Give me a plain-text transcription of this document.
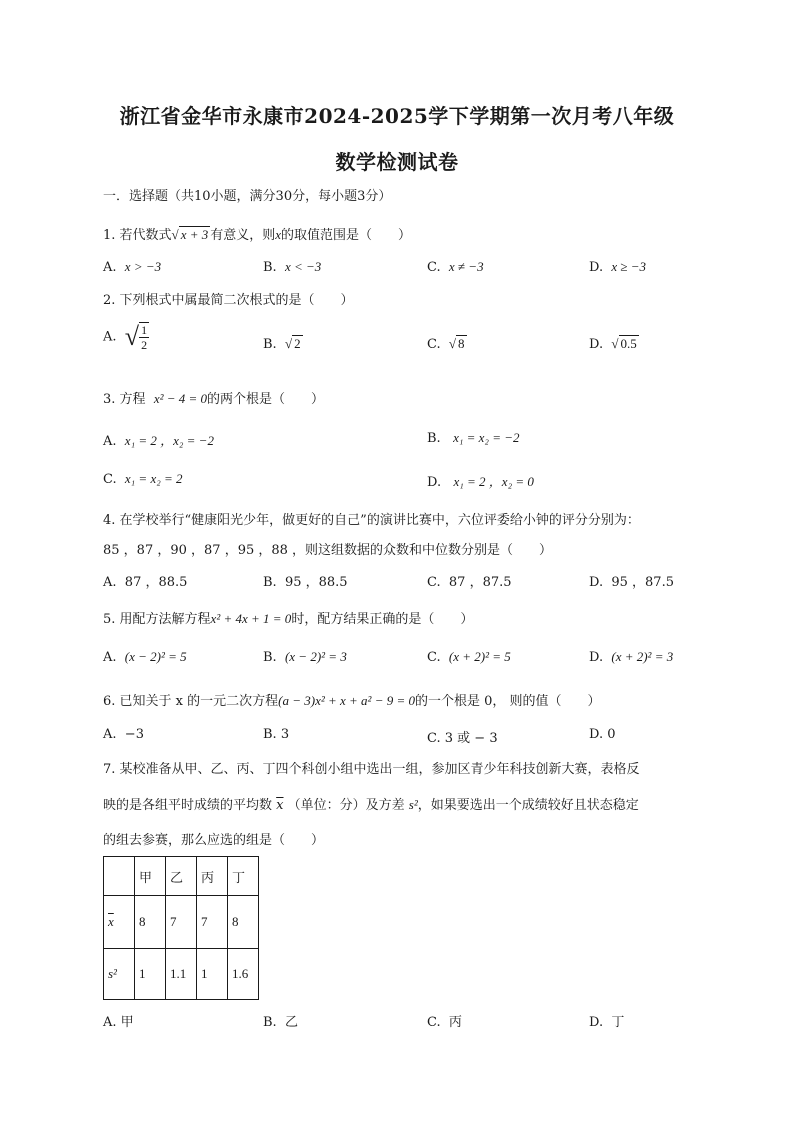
浙江省金华市永康市2024-2025学下学期第一次月考八年级
数学检测试卷
一．选择题（共10小题，满分30分，每小题3分）
1. 若代数式√ x + 3 有意义，则x的取值范围是（　　）
A. x > −3	B. x < −3	C. x ≠ −3	D. x ≥ −3
2. 下列根式中属最简二次根式的是（　　）
A. √ $\frac{1}{2}$	B. √ 2	C. √ 8	D. √ 0.5
3. 方程 x² − 4 = 0的两个根是（　　）
A. x₁ = 2 ，x₂ = −2	B. x₁ = x₂ = −2
C. x₁ = x₂ = 2	D. x₁ = 2 ，x₂ = 0
4. 在学校举行“健康阳光少年，做更好的自己”的演讲比赛中，六位评委给小钟的评分分别为：
85 ，87 ，90 ，87 ，95 ，88 ，则这组数据的众数和中位数分别是（　　）
A. 87 ，88.5	B. 95 ，88.5	C. 87 ，87.5	D. 95 ，87.5
5. 用配方法解方程x² + 4x + 1 = 0时，配方结果正确的是（　　）
A. (x − 2)² = 5	B. (x − 2)² = 3	C. (x + 2)² = 5	D. (x + 2)² = 3
6. 已知关于 x 的一元二次方程(a − 3)x² + x + a² − 9 = 0的一个根是 0， 则的值（　　）
A. −3	B. 3	C. 3 或 − 3	D. 0
7. 某校准备从甲、乙、丙、丁四个科创小组中选出一组，参加区青少年科技创新大赛，表格反
映的是各组平时成绩的平均数 $\overline{x}$ （单位：分）及方差 s²，如果要选出一个成绩较好且状态稳定
的组去参赛，那么应选的组是（　　）
	甲	乙	丙	丁
$\overline{x}$	8	7	7	8
s²	1	1.1	1	1.6
A. 甲	B. 乙	C. 丙	D. 丁
